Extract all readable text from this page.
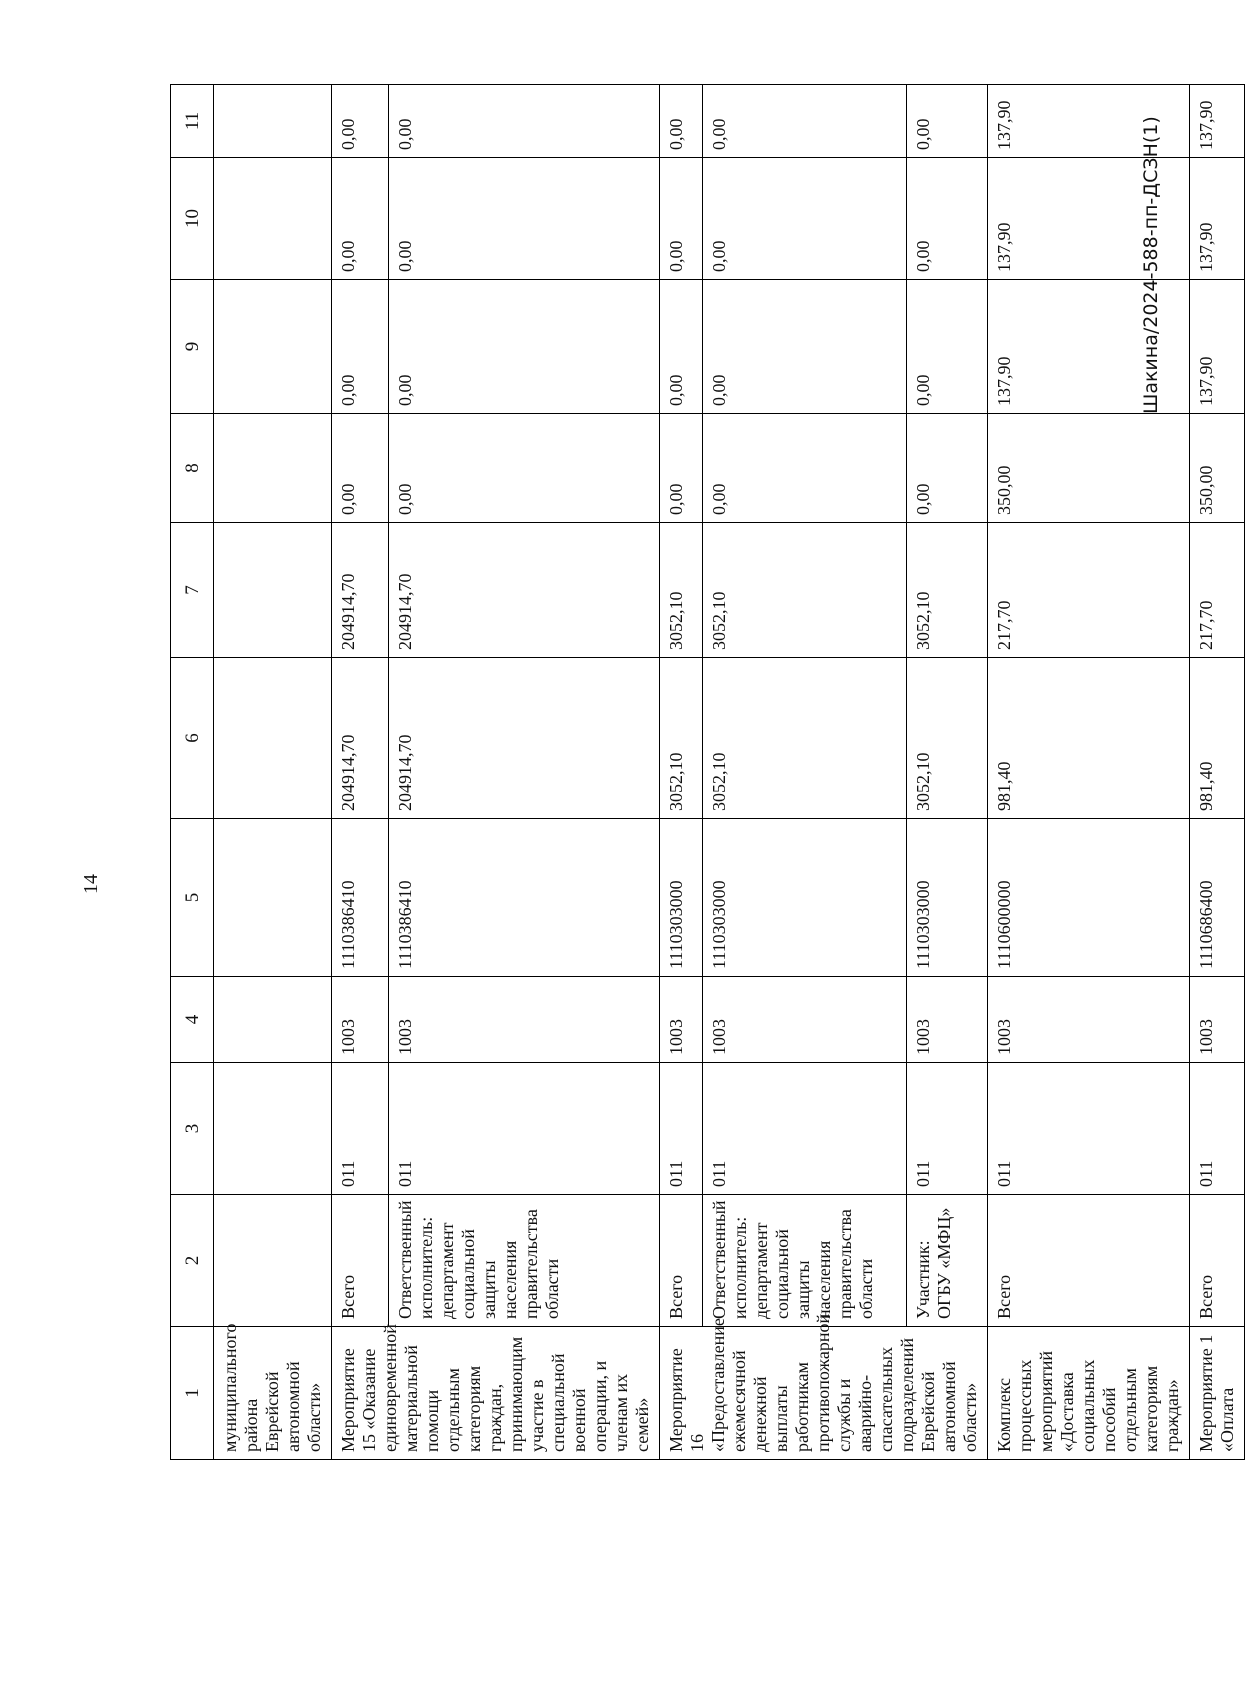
14
1	2	3	4	5	6	7	8	9	10	11
муниципального района Еврейской автономной области»										
Мероприятие 15 «Оказание единовременной материальной помощи отдельным категориям граждан, принимающим участие в специальной военной операции, и членам их семей»	Всего	011	1003	1110386410	204914,70	204914,70	0,00	0,00	0,00	0,00
	Ответственный исполнитель: департамент социальной защиты населения правительства области	011	1003	1110386410	204914,70	204914,70	0,00	0,00	0,00	0,00
Мероприятие 16 «Предоставление ежемесячной денежной выплаты работникам противопожарной службы и аварийно-спасательных подразделений Еврейской автономной области»	Всего	011	1003	1110303000	3052,10	3052,10	0,00	0,00	0,00	0,00
	Ответственный исполнитель: департамент социальной защиты населения правительства области	011	1003	1110303000	3052,10	3052,10	0,00	0,00	0,00	0,00
	Участник: ОГБУ «МФЦ»	011	1003	1110303000	3052,10	3052,10	0,00	0,00	0,00	0,00
Комплекс процессных мероприятий «Доставка социальных пособий отдельным категориям граждан»	Всего	011	1003	1110600000	981,40	217,70	350,00	137,90	137,90	137,90
Мероприятие 1 «Оплата	Всего	011	1003	1110686400	981,40	217,70	350,00	137,90	137,90	137,90
Шакина/2024-588-пп-ДСЗН(1)
